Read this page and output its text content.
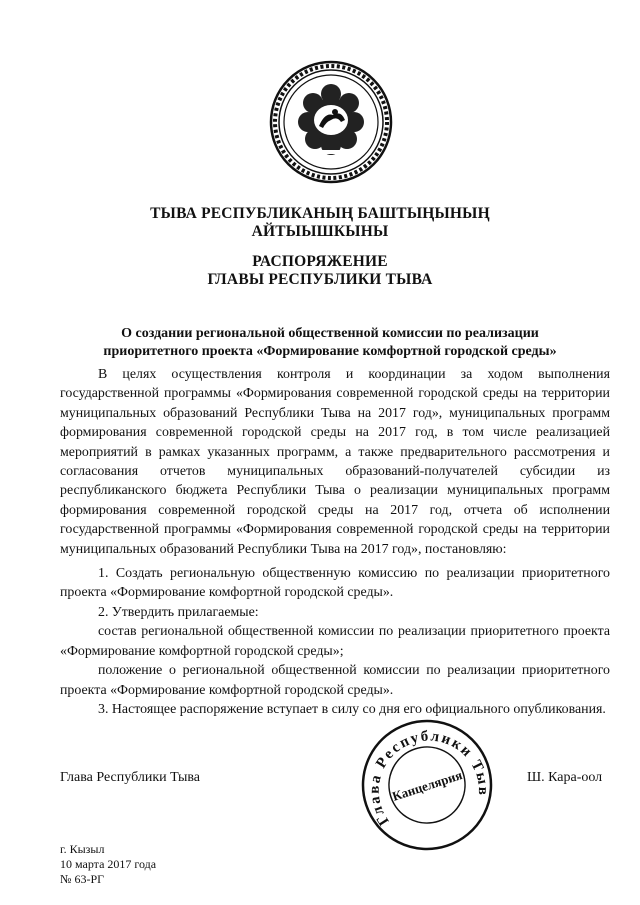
ТЫВА РЕСПУБЛИКАНЫҢ БАШТЫҢЫНЫҢ
АЙТЫЫШКЫНЫ
РАСПОРЯЖЕНИЕ
ГЛАВЫ РЕСПУБЛИКИ ТЫВА
О создании региональной общественной комиссии по реализации
приоритетного проекта «Формирование комфортной городской среды»

В целях осуществления контроля и координации за ходом выполнения государственной программы «Формирования современной городской среды на территории муниципальных образований Республики Тыва на 2017 год», муниципальных программ формирования современной городской среды на 2017 год, в том числе реализацией мероприятий в рамках указанных программ, а также предварительного рассмотрения и согласования отчетов муниципальных образований-получателей субсидии из республиканского бюджета Республики Тыва о реализации муниципальных программ формирования современной городской среды на 2017 год, отчета об исполнении государственной программы «Формирования современной городской среды на территории муниципальных образований Республики Тыва на 2017 год», постановляю:

1. Создать региональную общественную комиссию по реализации приоритетного проекта «Формирование комфортной городской среды».

2. Утвердить прилагаемые:

состав региональной общественной комиссии по реализации приоритетного проекта «Формирование комфортной городской среды»;

положение о региональной общественной комиссии по реализации приоритетного проекта «Формирование комфортной городской среды».

3. Настоящее распоряжение вступает в силу со дня его официального опубликования.

Глава Республики Тыва
Канцелярия
Глава Республики Тыва	Ш. Кара-оол
г. Кызыл
10 марта 2017 года
№ 63-РГ
